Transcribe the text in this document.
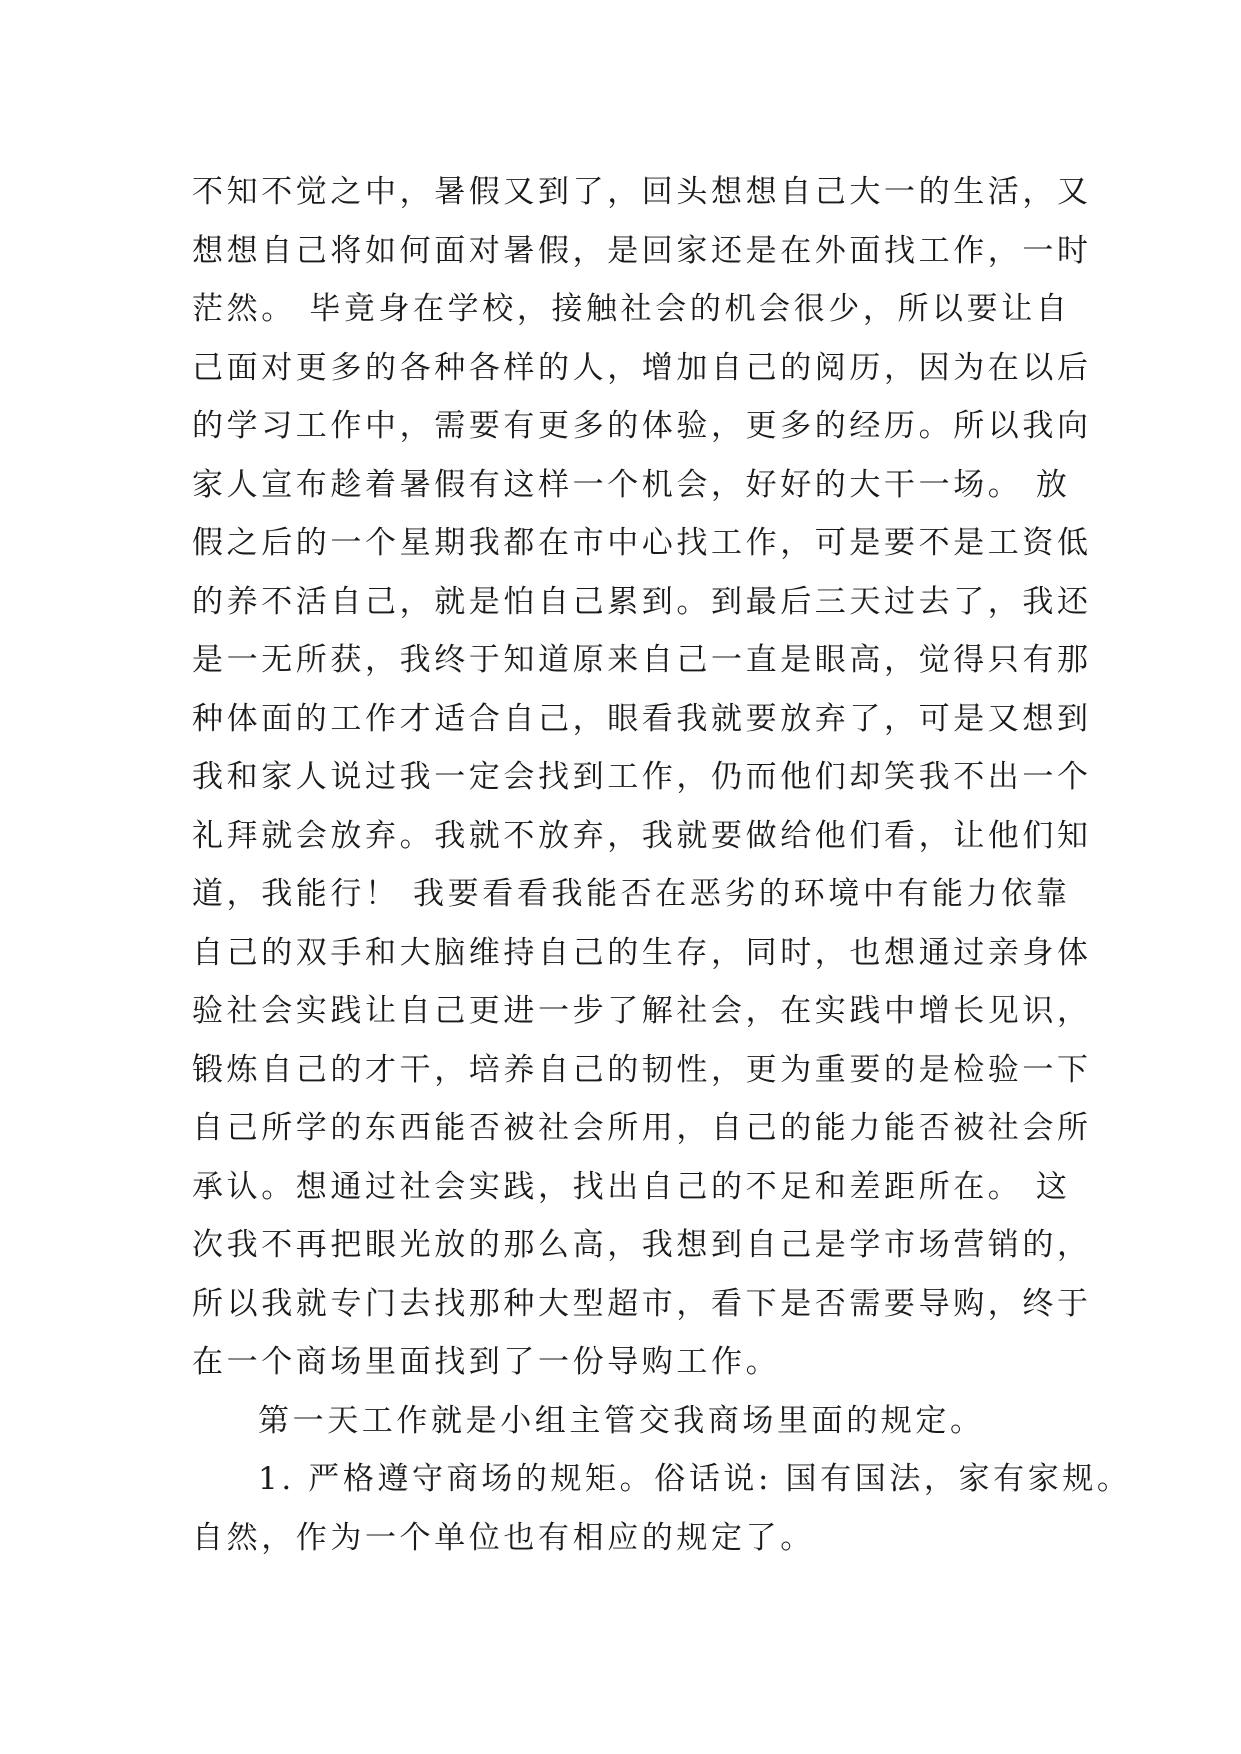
不知不觉之中，暑假又到了，回头想想自己大一的生活，又
想想自己将如何面对暑假，是回家还是在外面找工作，一时
茫然。 毕竟身在学校，接触社会的机会很少，所以要让自
己面对更多的各种各样的人，增加自己的阅历，因为在以后
的学习工作中，需要有更多的体验，更多的经历。所以我向
家人宣布趁着暑假有这样一个机会，好好的大干一场。 放
假之后的一个星期我都在市中心找工作，可是要不是工资低
的养不活自己，就是怕自己累到。到最后三天过去了，我还
是一无所获，我终于知道原来自己一直是眼高，觉得只有那
种体面的工作才适合自己，眼看我就要放弃了，可是又想到
我和家人说过我一定会找到工作，仍而他们却笑我不出一个
礼拜就会放弃。我就不放弃，我就要做给他们看，让他们知
道，我能行！ 我要看看我能否在恶劣的环境中有能力依靠
自己的双手和大脑维持自己的生存，同时，也想通过亲身体
验社会实践让自己更进一步了解社会，在实践中增长见识，
锻炼自己的才干，培养自己的韧性，更为重要的是检验一下
自己所学的东西能否被社会所用，自己的能力能否被社会所
承认。想通过社会实践，找出自己的不足和差距所在。 这
次我不再把眼光放的那么高，我想到自己是学市场营销的，
所以我就专门去找那种大型超市，看下是否需要导购，终于
在一个商场里面找到了一份导购工作。
第一天工作就是小组主管交我商场里面的规定。
1. 严格遵守商场的规矩。俗话说: 国有国法，家有家规。
自然，作为一个单位也有相应的规定了。
